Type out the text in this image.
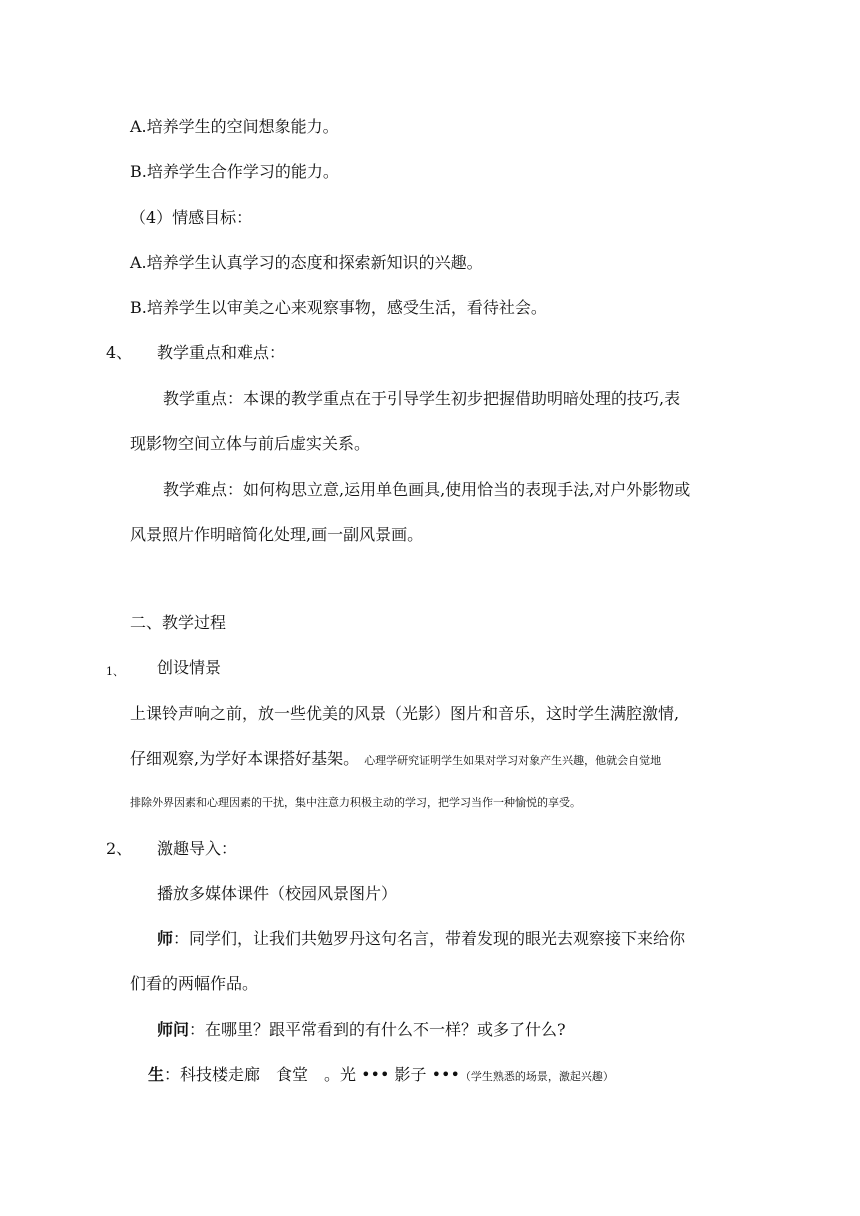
A.培养学生的空间想象能力。
B.培养学生合作学习的能力。
（4）情感目标：
A.培养学生认真学习的态度和探索新知识的兴趣。
B.培养学生以审美之心来观察事物，感受生活，看待社会。
4、 教学重点和难点：
教学重点：本课的教学重点在于引导学生初步把握借助明暗处理的技巧,表
现影物空间立体与前后虚实关系。
教学难点：如何构思立意,运用单色画具,使用恰当的表现手法,对户外影物或
风景照片作明暗简化处理,画一副风景画。
二、教学过程
1、 创设情景
上课铃声响之前，放一些优美的风景（光影）图片和音乐，这时学生满腔激情,
仔细观察,为学好本课搭好基架。 心理学研究证明学生如果对学习对象产生兴趣，他就会自觉地
排除外界因素和心理因素的干扰，集中注意力积极主动的学习，把学习当作一种愉悦的享受。
2、 激趣导入：
播放多媒体课件（校园风景图片）
师：同学们，让我们共勉罗丹这句名言，带着发现的眼光去观察接下来给你
们看的两幅作品。
师问：在哪里？跟平常看到的有什么不一样？或多了什么?
生：科技楼走廊　食堂　。光 ••• 影子 •••（学生熟悉的场景，激起兴趣）
